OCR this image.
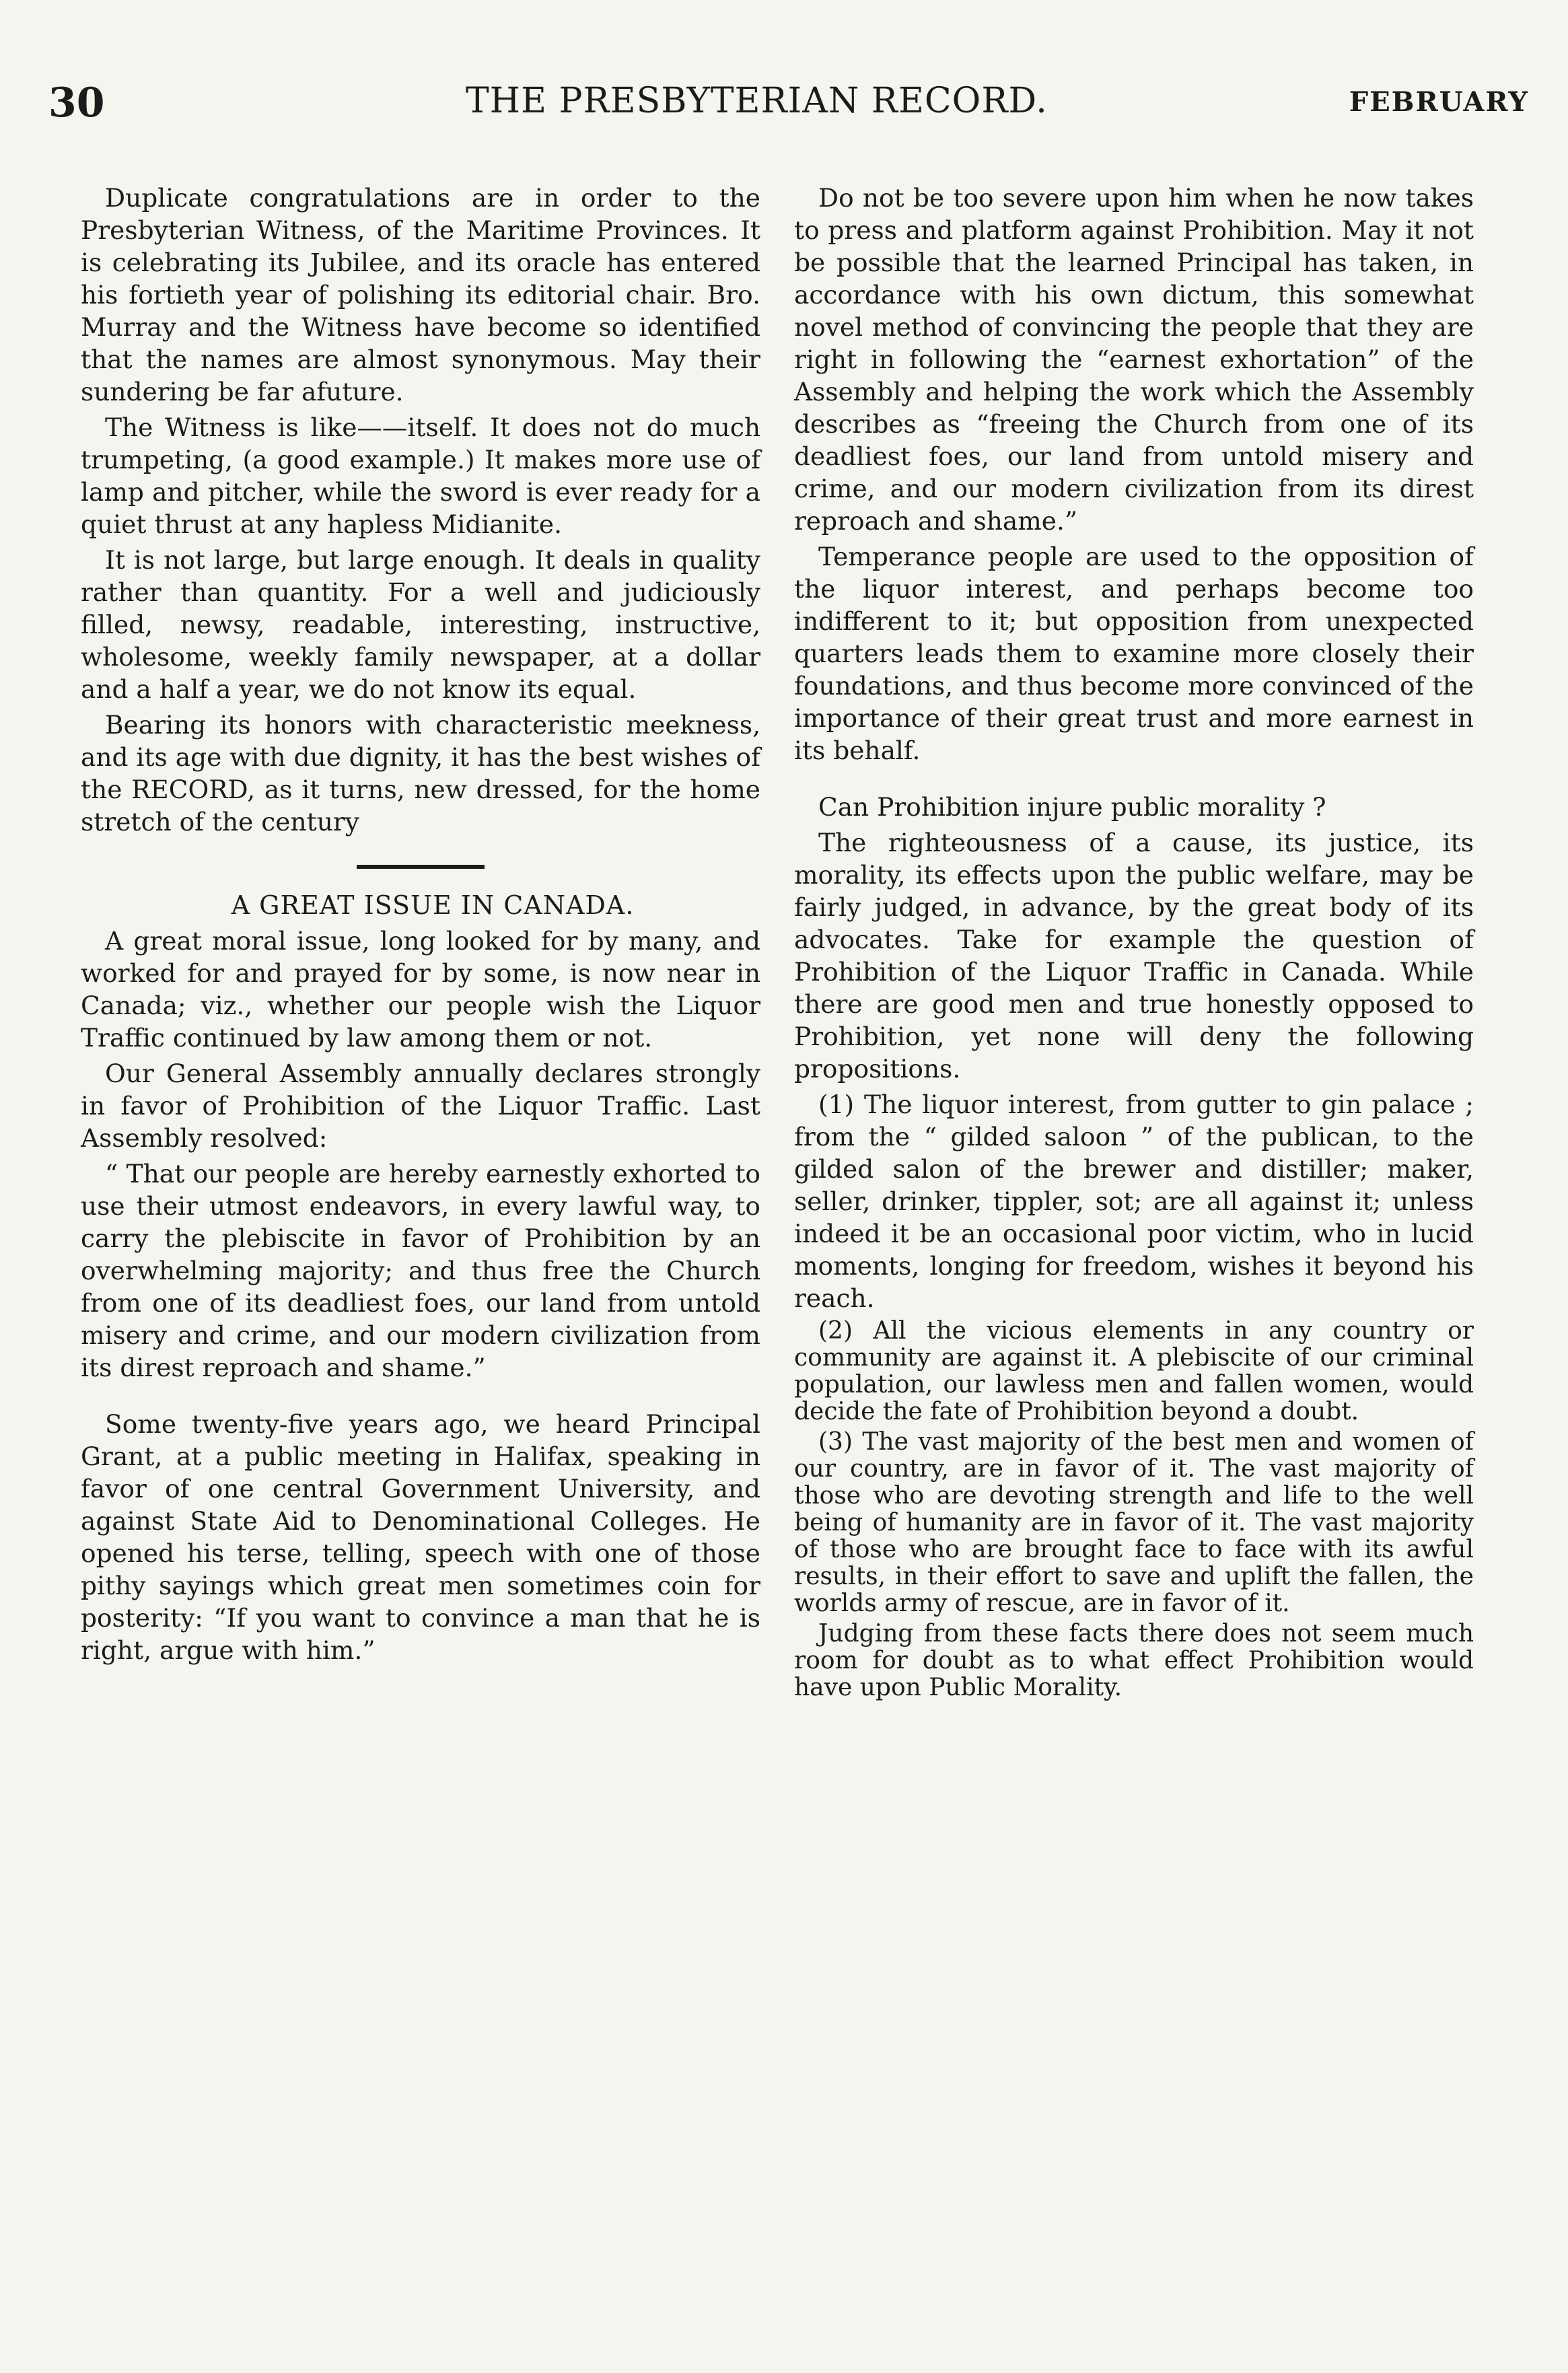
30	THE PRESBYTERIAN RECORD.	FEBRUARY

Duplicate congratulations are in order to the Presbyterian Witness, of the Maritime Provinces. It is celebrating its Jubilee, and its oracle has entered his fortieth year of polishing its editorial chair. Bro. Murray and the Witness have become so identified that the names are almost synonymous. May their sundering be far afuture.

The Witness is like——itself. It does not do much trumpeting, (a good example.) It makes more use of lamp and pitcher, while the sword is ever ready for a quiet thrust at any hapless Midianite.

It is not large, but large enough. It deals in quality rather than quantity. For a well and judiciously filled, newsy, readable, interesting, instructive, wholesome, weekly family newspaper, at a dollar and a half a year, we do not know its equal.

Bearing its honors with characteristic meekness, and its age with due dignity, it has the best wishes of the RECORD, as it turns, new dressed, for the home stretch of the century

A GREAT ISSUE IN CANADA.

A great moral issue, long looked for by many, and worked for and prayed for by some, is now near in Canada; viz., whether our people wish the Liquor Traffic continued by law among them or not.

Our General Assembly annually declares strongly in favor of Prohibition of the Liquor Traffic. Last Assembly resolved:

“ That our people are hereby earnestly exhorted to use their utmost endeavors, in every lawful way, to carry the plebiscite in favor of Prohibition by an overwhelming majority; and thus free the Church from one of its deadliest foes, our land from untold misery and crime, and our modern civilization from its direst reproach and shame.”

Some twenty-five years ago, we heard Principal Grant, at a public meeting in Halifax, speaking in favor of one central Government University, and against State Aid to Denominational Colleges. He opened his terse, telling, speech with one of those pithy sayings which great men sometimes coin for posterity: “If you want to convince a man that he is right, argue with him.”

Do not be too severe upon him when he now takes to press and platform against Prohibition. May it not be possible that the learned Principal has taken, in accordance with his own dictum, this somewhat novel method of convincing the people that they are right in following the “earnest exhortation” of the Assembly and helping the work which the Assembly describes as “freeing the Church from one of its deadliest foes, our land from untold misery and crime, and our modern civilization from its direst reproach and shame.”

Temperance people are used to the opposition of the liquor interest, and perhaps become too indifferent to it; but opposition from unexpected quarters leads them to examine more closely their foundations, and thus become more convinced of the importance of their great trust and more earnest in its behalf.

Can Prohibition injure public morality ?

The righteousness of a cause, its justice, its morality, its effects upon the public welfare, may be fairly judged, in advance, by the great body of its advocates. Take for example the question of Prohibition of the Liquor Traffic in Canada. While there are good men and true honestly opposed to Prohibition, yet none will deny the following propositions.

(1) The liquor interest, from gutter to gin palace ; from the “ gilded saloon ” of the publican, to the gilded salon of the brewer and distiller; maker, seller, drinker, tippler, sot; are all against it; unless indeed it be an occasional poor victim, who in lucid moments, longing for freedom, wishes it beyond his reach.

(2) All the vicious elements in any country or community are against it. A plebiscite of our criminal population, our lawless men and fallen women, would decide the fate of Prohibition beyond a doubt.

(3) The vast majority of the best men and women of our country, are in favor of it. The vast majority of those who are devoting strength and life to the well being of humanity are in favor of it. The vast majority of those who are brought face to face with its awful results, in their effort to save and uplift the fallen, the worlds army of rescue, are in favor of it.

Judging from these facts there does not seem much room for doubt as to what effect Prohibition would have upon Public Morality.
